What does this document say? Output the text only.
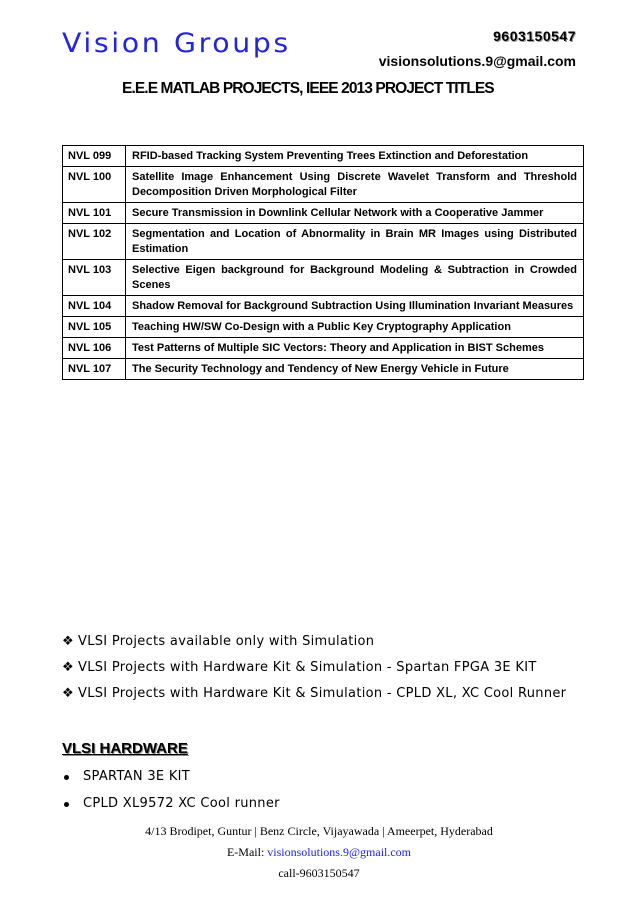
Vision Groups	9603150547
visionsolutions.9@gmail.com
E.E.E MATLAB PROJECTS, IEEE 2013 PROJECT TITLES
NVL 099	RFID-based Tracking System Preventing Trees Extinction and Deforestation
NVL 100	Satellite Image Enhancement Using Discrete Wavelet Transform and Threshold Decomposition Driven Morphological Filter
NVL 101	Secure Transmission in Downlink Cellular Network with a Cooperative Jammer
NVL 102	Segmentation and Location of Abnormality in Brain MR Images using Distributed Estimation
NVL 103	Selective Eigen background for Background Modeling & Subtraction in Crowded Scenes
NVL 104	Shadow Removal for Background Subtraction Using Illumination Invariant Measures
NVL 105	Teaching HW/SW Co-Design with a Public Key Cryptography Application
NVL 106	Test Patterns of Multiple SIC Vectors: Theory and Application in BIST Schemes
NVL 107	The Security Technology and Tendency of New Energy Vehicle in Future
❖ VLSI Projects available only with Simulation
❖ VLSI Projects with Hardware Kit & Simulation - Spartan FPGA 3E KIT
❖ VLSI Projects with Hardware Kit & Simulation - CPLD XL, XC Cool Runner
VLSI HARDWARE
SPARTAN 3E KIT
CPLD XL9572 XC Cool runner
4/13 Brodipet, Guntur | Benz Circle, Vijayawada | Ameerpet, Hyderabad
E-Mail: visionsolutions.9@gmail.com
call-9603150547
